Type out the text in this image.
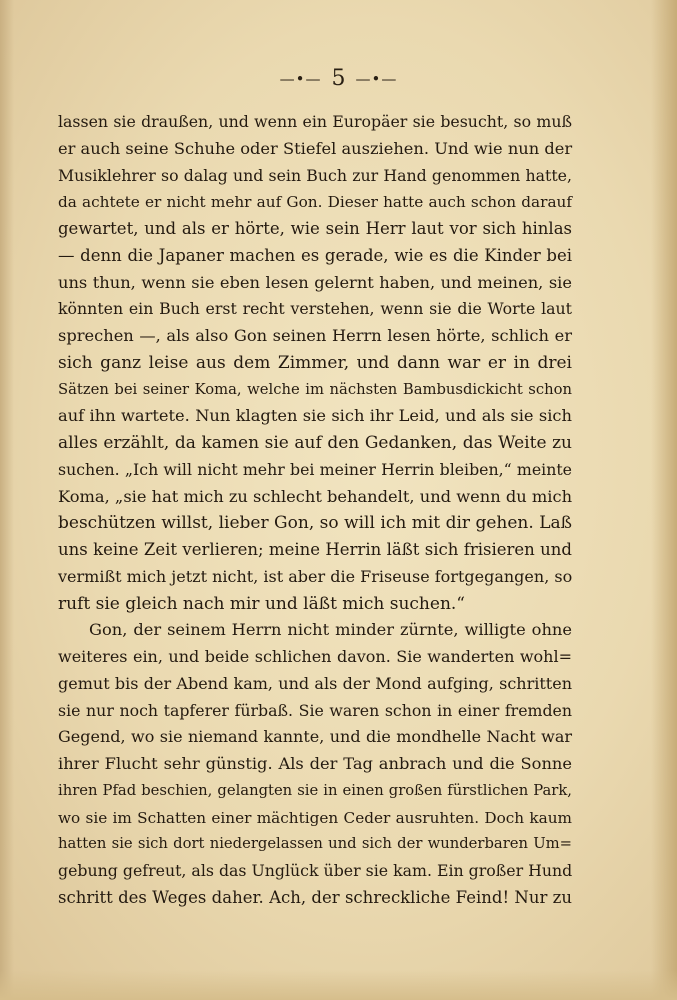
—•— 5 —•—
lassen sie draußen, und wenn ein Europäer sie besucht, so muß
er auch seine Schuhe oder Stiefel ausziehen. Und wie nun der
Musiklehrer so dalag und sein Buch zur Hand genommen hatte,
da achtete er nicht mehr auf Gon. Dieser hatte auch schon darauf
gewartet, und als er hörte, wie sein Herr laut vor sich hinlas
— denn die Japaner machen es gerade, wie es die Kinder bei
uns thun, wenn sie eben lesen gelernt haben, und meinen, sie
könnten ein Buch erst recht verstehen, wenn sie die Worte laut
sprechen —, als also Gon seinen Herrn lesen hörte, schlich er
sich ganz leise aus dem Zimmer, und dann war er in drei
Sätzen bei seiner Koma, welche im nächsten Bambusdickicht schon
auf ihn wartete. Nun klagten sie sich ihr Leid, und als sie sich
alles erzählt, da kamen sie auf den Gedanken, das Weite zu
suchen. „Ich will nicht mehr bei meiner Herrin bleiben,“ meinte
Koma, „sie hat mich zu schlecht behandelt, und wenn du mich
beschützen willst, lieber Gon, so will ich mit dir gehen. Laß
uns keine Zeit verlieren; meine Herrin läßt sich frisieren und
vermißt mich jetzt nicht, ist aber die Friseuse fortgegangen, so
ruft sie gleich nach mir und läßt mich suchen.“
Gon, der seinem Herrn nicht minder zürnte, willigte ohne
weiteres ein, und beide schlichen davon. Sie wanderten wohl=
gemut bis der Abend kam, und als der Mond aufging, schritten
sie nur noch tapferer fürbaß. Sie waren schon in einer fremden
Gegend, wo sie niemand kannte, und die mondhelle Nacht war
ihrer Flucht sehr günstig. Als der Tag anbrach und die Sonne
ihren Pfad beschien, gelangten sie in einen großen fürstlichen Park,
wo sie im Schatten einer mächtigen Ceder ausruhten. Doch kaum
hatten sie sich dort niedergelassen und sich der wunderbaren Um=
gebung gefreut, als das Unglück über sie kam. Ein großer Hund
schritt des Weges daher. Ach, der schreckliche Feind! Nur zu
